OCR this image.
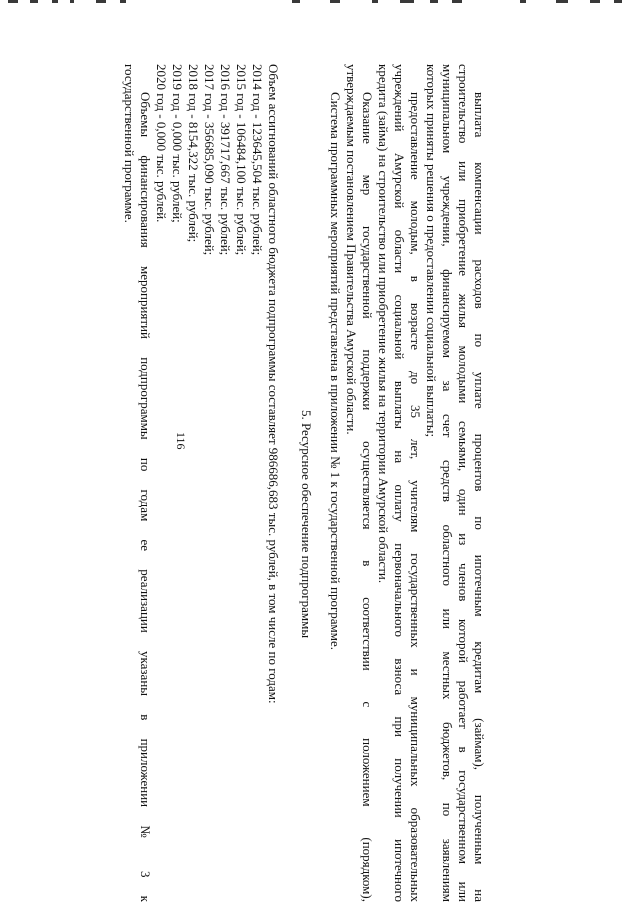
116	выплата компенсации расходов по уплате процентов по ипотечным кредитам (займам), полученным на
строительство или приобретение жилья молодыми семьями, один из членов которой работает в государственном или
муниципальном учреждении, финансируемом за счет средств областного или местных бюджетов, по заявлениям
которых приняты решения о предоставлении социальной выплаты;
предоставление молодым, в возрасте до 35 лет, учителям государственных и муниципальных образовательных
учреждений Амурской области социальной выплаты на оплату первоначального взноса при получении ипотечного
кредита (займа) на строительство или приобретение жилья на территории Амурской области.
Оказание мер государственной поддержки осуществляется в соответствии с положением (порядком),
утверждаемым постановлением Правительства Амурской области.
Система программных мероприятий представлена в приложении № 1 к государственной программе.
5. Ресурсное обеспечение подпрограммы
Объем ассигнований областного бюджета подпрограммы составляет 986686,683 тыс. рублей, в том числе по годам:
2014 год - 123645,504 тыс. рублей;
2015 год - 106484,100 тыс. рублей;
2016 год - 391717,667 тыс. рублей;
2017 год - 356685,090 тыс. рублей;
2018 год - 8154,322 тыс. рублей;
2019 год - 0,000 тыс. рублей;
2020 год - 0,000 тыс. рублей.
Объемы финансирования мероприятий подпрограммы по годам ее реализации указаны в приложении № 3 к
государственной программе.
